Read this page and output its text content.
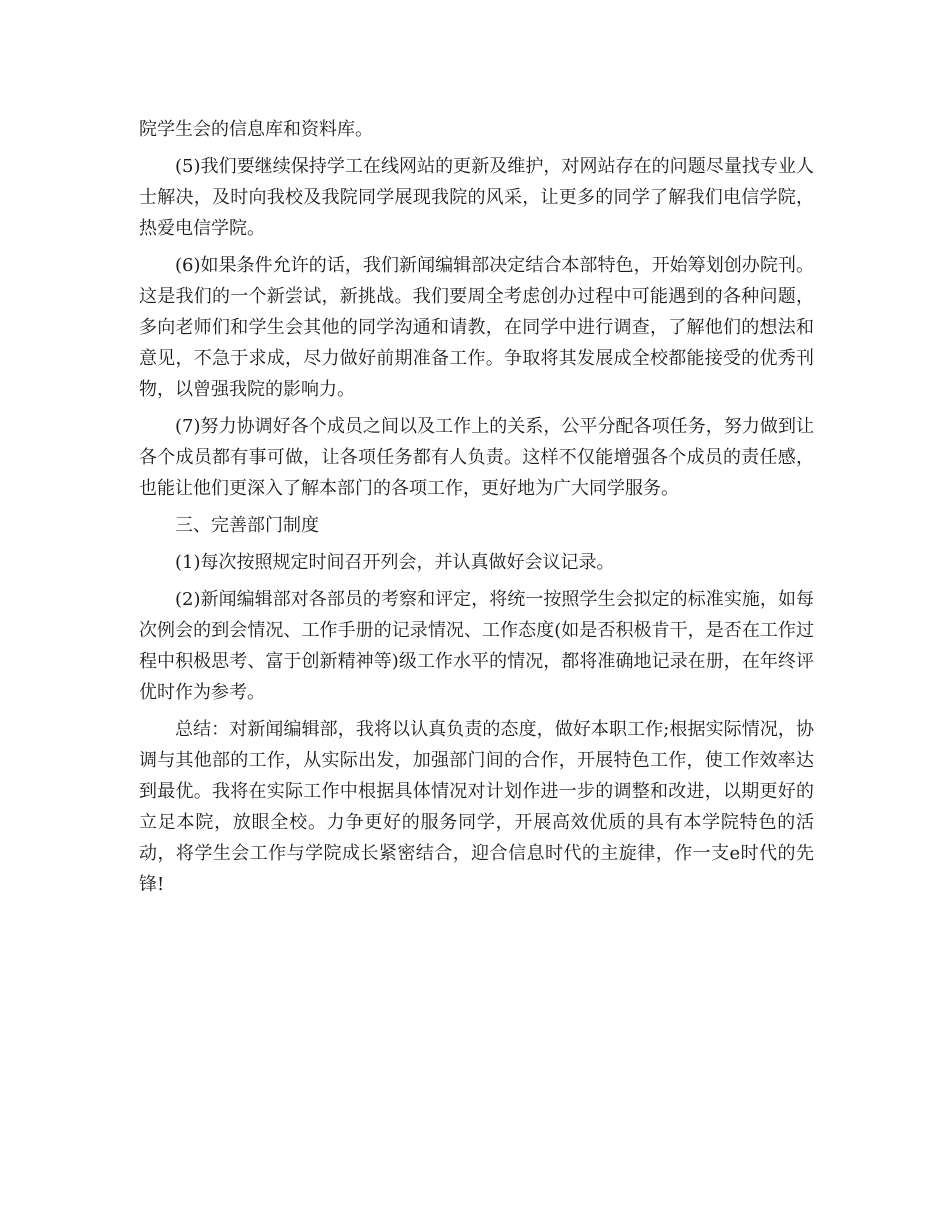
院学生会的信息库和资料库。

(5)我们要继续保持学工在线网站的更新及维护，对网站存在的问题尽量找专业人士解决，及时向我校及我院同学展现我院的风采，让更多的同学了解我们电信学院，热爱电信学院。

(6)如果条件允许的话，我们新闻编辑部决定结合本部特色，开始筹划创办院刊。这是我们的一个新尝试，新挑战。我们要周全考虑创办过程中可能遇到的各种问题，多向老师们和学生会其他的同学沟通和请教，在同学中进行调查，了解他们的想法和意见，不急于求成，尽力做好前期准备工作。争取将其发展成全校都能接受的优秀刊物，以曾强我院的影响力。

(7)努力协调好各个成员之间以及工作上的关系，公平分配各项任务，努力做到让各个成员都有事可做，让各项任务都有人负责。这样不仅能增强各个成员的责任感，也能让他们更深入了解本部门的各项工作，更好地为广大同学服务。

三、完善部门制度

(1)每次按照规定时间召开列会，并认真做好会议记录。

(2)新闻编辑部对各部员的考察和评定，将统一按照学生会拟定的标准实施，如每次例会的到会情况、工作手册的记录情况、工作态度(如是否积极肯干，是否在工作过程中积极思考、富于创新精神等)级工作水平的情况，都将准确地记录在册，在年终评优时作为参考。

总结：对新闻编辑部，我将以认真负责的态度，做好本职工作;根据实际情况，协调与其他部的工作，从实际出发，加强部门间的合作，开展特色工作，使工作效率达到最优。我将在实际工作中根据具体情况对计划作进一步的调整和改进，以期更好的立足本院，放眼全校。力争更好的服务同学，开展高效优质的具有本学院特色的活动，将学生会工作与学院成长紧密结合，迎合信息时代的主旋律，作一支e时代的先锋!
